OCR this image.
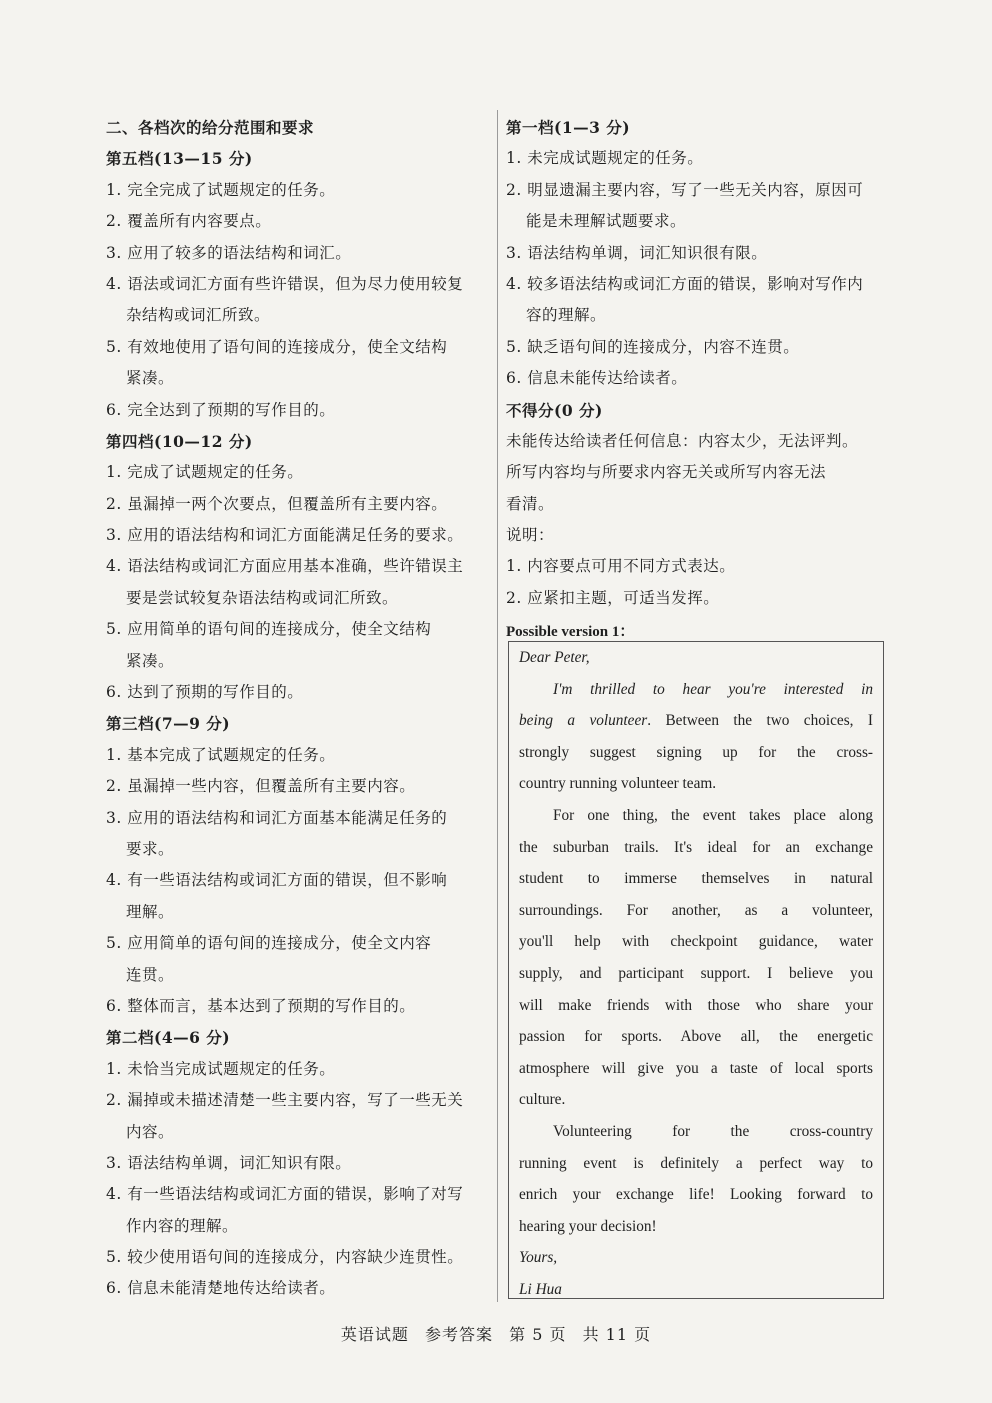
二、各档次的给分范围和要求
第五档(13—15 分)
1. 完全完成了试题规定的任务。
2. 覆盖所有内容要点。
3. 应用了较多的语法结构和词汇。
4. 语法或词汇方面有些许错误，但为尽力使用较复
杂结构或词汇所致。
5. 有效地使用了语句间的连接成分，使全文结构
紧凑。
6. 完全达到了预期的写作目的。
第四档(10—12 分)
1. 完成了试题规定的任务。
2. 虽漏掉一两个次要点，但覆盖所有主要内容。
3. 应用的语法结构和词汇方面能满足任务的要求。
4. 语法结构或词汇方面应用基本准确，些许错误主
要是尝试较复杂语法结构或词汇所致。
5. 应用简单的语句间的连接成分，使全文结构
紧凑。
6. 达到了预期的写作目的。
第三档(7—9 分)
1. 基本完成了试题规定的任务。
2. 虽漏掉一些内容，但覆盖所有主要内容。
3. 应用的语法结构和词汇方面基本能满足任务的
要求。
4. 有一些语法结构或词汇方面的错误，但不影响
理解。
5. 应用简单的语句间的连接成分，使全文内容
连贯。
6. 整体而言，基本达到了预期的写作目的。
第二档(4—6 分)
1. 未恰当完成试题规定的任务。
2. 漏掉或未描述清楚一些主要内容，写了一些无关
内容。
3. 语法结构单调，词汇知识有限。
4. 有一些语法结构或词汇方面的错误，影响了对写
作内容的理解。
5. 较少使用语句间的连接成分，内容缺少连贯性。
6. 信息未能清楚地传达给读者。
第一档(1—3 分)
1. 未完成试题规定的任务。
2. 明显遗漏主要内容，写了一些无关内容，原因可
能是未理解试题要求。
3. 语法结构单调，词汇知识很有限。
4. 较多语法结构或词汇方面的错误，影响对写作内
容的理解。
5. 缺乏语句间的连接成分，内容不连贯。
6. 信息未能传达给读者。
不得分(0 分)
未能传达给读者任何信息：内容太少，无法评判。
所写内容均与所要求内容无关或所写内容无法
看清。
说明：
1. 内容要点可用不同方式表达。
2. 应紧扣主题，可适当发挥。
Possible version 1：
Dear Peter,
I'm thrilled to hear you're interested in
being a volunteer. Between the two choices, I
strongly suggest signing up for the cross-
country running volunteer team.
For one thing, the event takes place along
the suburban trails. It's ideal for an exchange
student to immerse themselves in natural
surroundings. For another, as a volunteer,
you'll help with checkpoint guidance, water
supply, and participant support. I believe you
will make friends with those who share your
passion for sports. Above all, the energetic
atmosphere will give you a taste of local sports
culture.
Volunteering for the cross-country
running event is definitely a perfect way to
enrich your exchange life! Looking forward to
hearing your decision!
Yours,
Li Hua
英语试题 参考答案 第 5 页 共 11 页
